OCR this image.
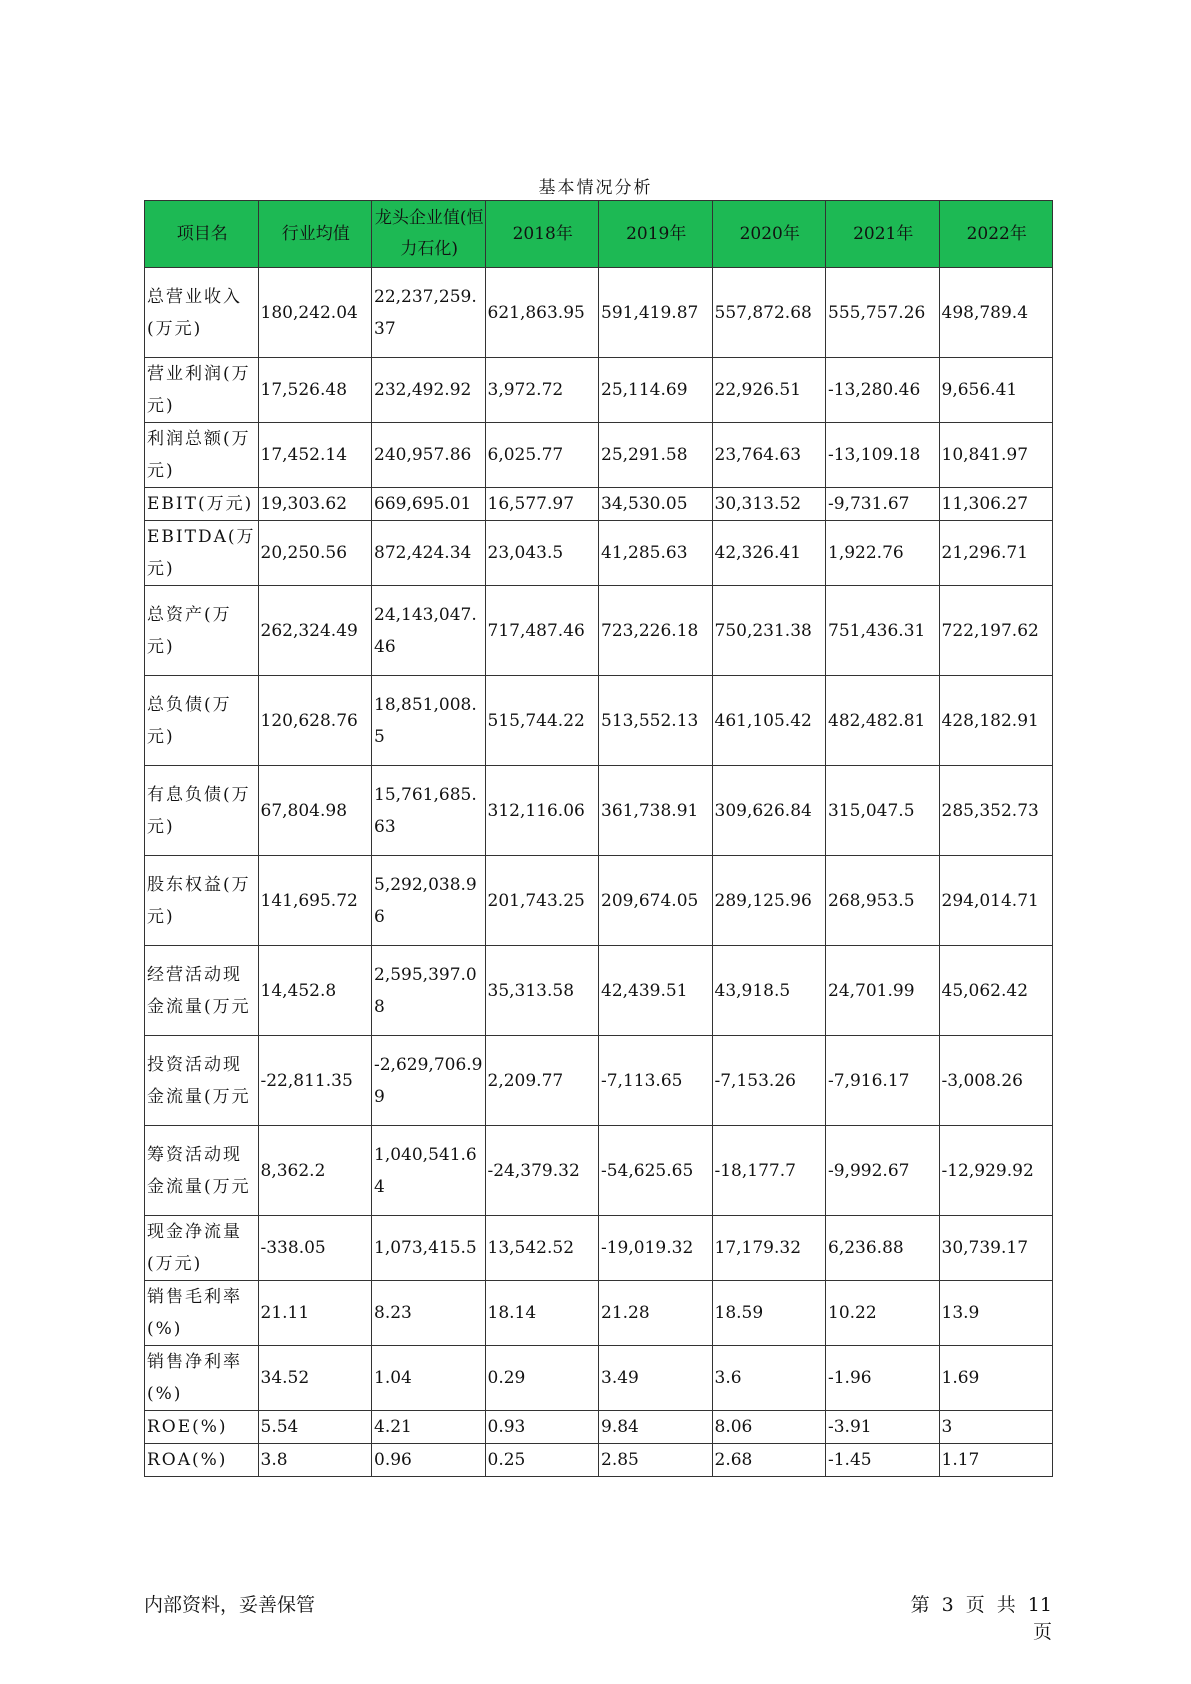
基本情况分析
项目名	行业均值	龙头企业值(恒力石化)	2018年	2019年	2020年	2021年	2022年
总营业收入(万元)	180,242.04	22,237,259.37	621,863.95	591,419.87	557,872.68	555,757.26	498,789.4
营业利润(万元)	17,526.48	232,492.92	3,972.72	25,114.69	22,926.51	-13,280.46	9,656.41
利润总额(万元)	17,452.14	240,957.86	6,025.77	25,291.58	23,764.63	-13,109.18	10,841.97
EBIT(万元)	19,303.62	669,695.01	16,577.97	34,530.05	30,313.52	-9,731.67	11,306.27
EBITDA(万元)	20,250.56	872,424.34	23,043.5	41,285.63	42,326.41	1,922.76	21,296.71
总资产(万元)	262,324.49	24,143,047.46	717,487.46	723,226.18	750,231.38	751,436.31	722,197.62
总负债(万元)	120,628.76	18,851,008.5	515,744.22	513,552.13	461,105.42	482,482.81	428,182.91
有息负债(万元)	67,804.98	15,761,685.63	312,116.06	361,738.91	309,626.84	315,047.5	285,352.73
股东权益(万元)	141,695.72	5,292,038.96	201,743.25	209,674.05	289,125.96	268,953.5	294,014.71
经营活动现金流量(万元	14,452.8	2,595,397.08	35,313.58	42,439.51	43,918.5	24,701.99	45,062.42
投资活动现金流量(万元	-22,811.35	-2,629,706.99	2,209.77	-7,113.65	-7,153.26	-7,916.17	-3,008.26
筹资活动现金流量(万元	8,362.2	1,040,541.64	-24,379.32	-54,625.65	-18,177.7	-9,992.67	-12,929.92
现金净流量(万元)	-338.05	1,073,415.5	13,542.52	-19,019.32	17,179.32	6,236.88	30,739.17
销售毛利率(%)	21.11	8.23	18.14	21.28	18.59	10.22	13.9
销售净利率(%)	34.52	1.04	0.29	3.49	3.6	-1.96	1.69
ROE(%)	5.54	4.21	0.93	9.84	8.06	-3.91	3
ROA(%)	3.8	0.96	0.25	2.85	2.68	-1.45	1.17
内部资料，妥善保管	第 3 页 共 11 页
